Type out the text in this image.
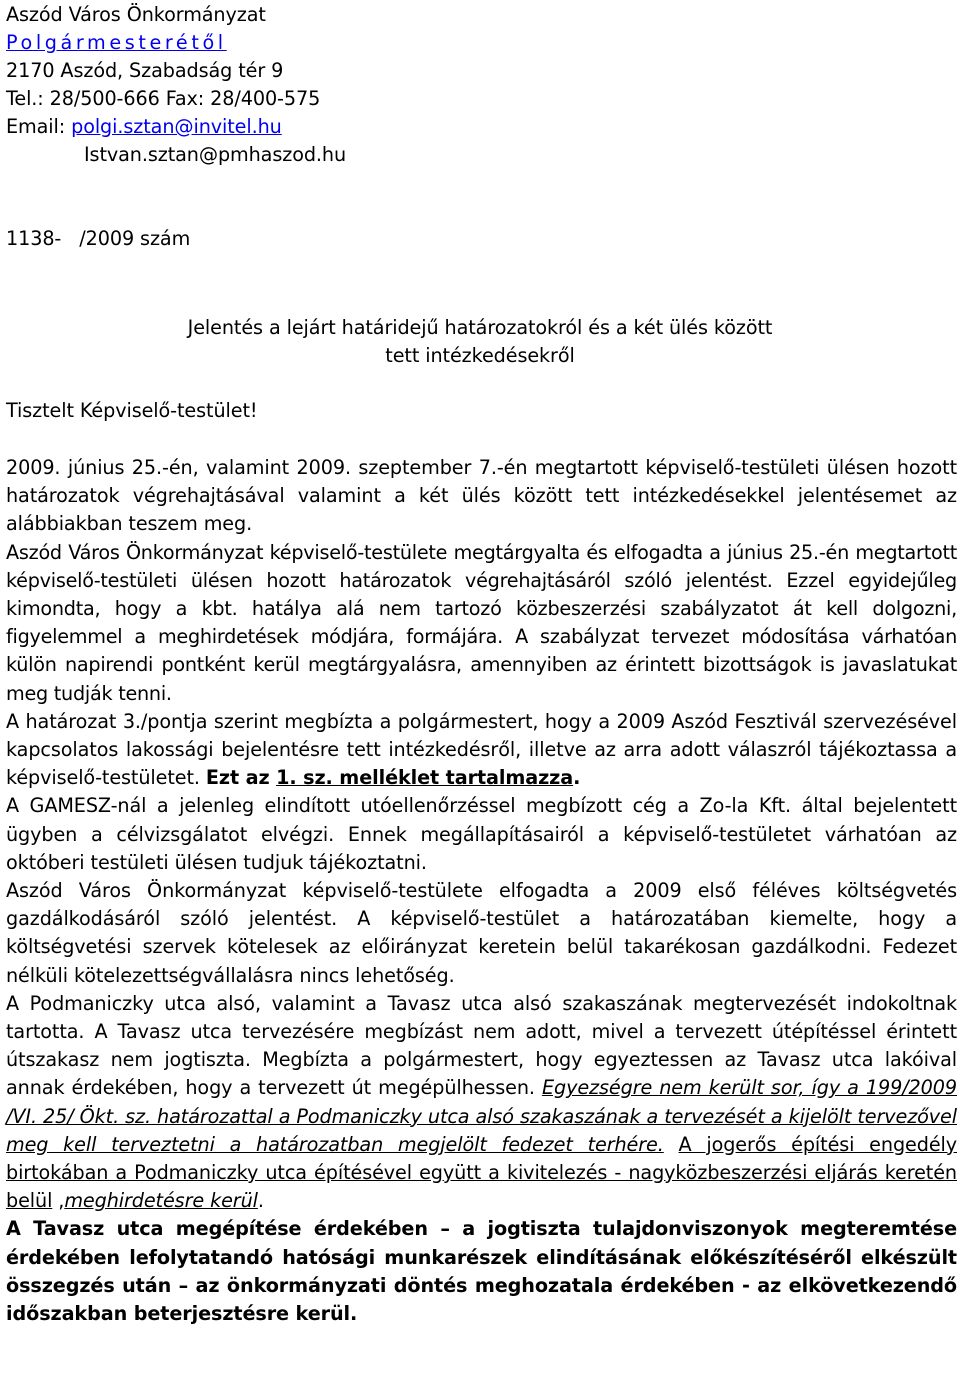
Aszód Város Önkormányzat
Polgármesterétől
2170 Aszód, Szabadság tér 9
Tel.: 28/500-666 Fax: 28/400-575
Email: polgi.sztan@invitel.hu
Istvan.sztan@pmhaszod.hu
1138-   /2009 szám
Jelentés a lejárt határidejű határozatokról és a két ülés között
tett intézkedésekről
Tisztelt Képviselő-testület!

2009. június 25.-én, valamint 2009. szeptember 7.-én megtartott képviselő-testületi ülésen hozott határozatok végrehajtásával valamint a két ülés között tett intézkedésekkel jelentésemet az alábbiakban teszem meg.

Aszód Város Önkormányzat képviselő-testülete megtárgyalta és elfogadta a június 25.-én megtartott képviselő-testületi ülésen hozott határozatok végrehajtásáról szóló jelentést. Ezzel egyidejűleg kimondta, hogy a kbt. hatálya alá nem tartozó közbeszerzési szabályzatot át kell dolgozni, figyelemmel a meghirdetések módjára, formájára. A szabályzat tervezet módosítása várhatóan külön napirendi pontként kerül megtárgyalásra, amennyiben az érintett bizottságok is javaslatukat meg tudják tenni.

A határozat 3./pontja szerint megbízta a polgármestert, hogy a 2009 Aszód Fesztivál szervezésével kapcsolatos lakossági bejelentésre tett intézkedésről, illetve az arra adott válaszról tájékoztassa a képviselő-testületet. Ezt az 1. sz. melléklet tartalmazza.

A GAMESZ-nál a jelenleg elindított utóellenőrzéssel megbízott cég a Zo-la Kft. által bejelentett ügyben a célvizsgálatot elvégzi. Ennek megállapításairól a képviselő-testületet várhatóan az októberi testületi ülésen tudjuk tájékoztatni.

Aszód Város Önkormányzat képviselő-testülete elfogadta a 2009 első féléves költségvetés gazdálkodásáról szóló jelentést. A képviselő-testület a határozatában kiemelte, hogy a költségvetési szervek kötelesek az előirányzat keretein belül takarékosan gazdálkodni. Fedezet nélküli kötelezettségvállalásra nincs lehetőség.

A Podmaniczky utca alsó, valamint a Tavasz utca alsó szakaszának megtervezését indokoltnak tartotta. A Tavasz utca tervezésére megbízást nem adott, mivel a tervezett útépítéssel érintett útszakasz nem jogtiszta. Megbízta a polgármestert, hogy egyeztessen az Tavasz utca lakóival annak érdekében, hogy a tervezett út megépülhessen. Egyezségre nem került sor, így a 199/2009 /VI. 25/ Ökt. sz. határozattal a Podmaniczky utca alsó szakaszának a tervezését a kijelölt tervezővel meg kell terveztetni a határozatban megjelölt fedezet terhére. A jogerős építési engedély birtokában a Podmaniczky utca építésével együtt a kivitelezés - nagyközbeszerzési eljárás keretén belül ,meghirdetésre kerül.

A Tavasz utca megépítése érdekében – a jogtiszta tulajdonviszonyok megteremtése érdekében lefolytatandó hatósági munkarészek elindításának előkészítéséről elkészült összegzés után – az önkormányzati döntés meghozatala érdekében - az elkövetkezendő időszakban beterjesztésre kerül.
